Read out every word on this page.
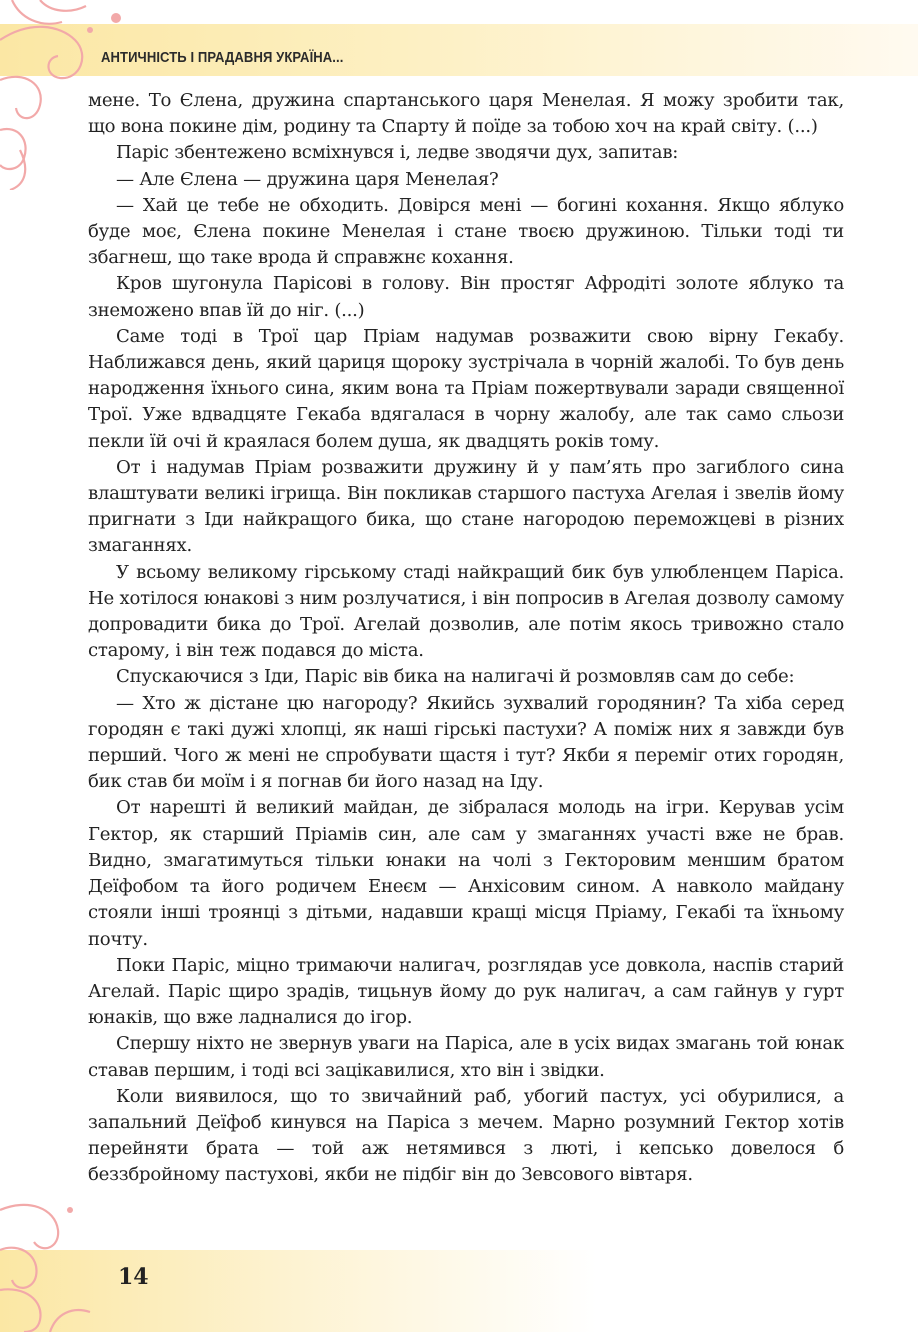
АНТИЧНІСТЬ І ПРАДАВНЯ УКРАЇНА...

мене. То Єлена, дружина спартанського царя Менелая. Я можу зробити так, що вона покине дім, родину та Спарту й поїде за тобою хоч на край світу. (...)

Паріс збентежено всміхнувся і, ледве зводячи дух, запитав:

— Але Єлена — дружина царя Менелая?

— Хай це тебе не обходить. Довірся мені — богині кохання. Якщо яблуко буде моє, Єлена покине Менелая і стане твоєю дружиною. Тільки тоді ти збагнеш, що таке врода й справжнє кохання.

Кров шугонула Парісові в голову. Він простяг Афродіті золоте яблуко та знеможено впав їй до ніг. (...)

Саме тоді в Трої цар Пріам надумав розважити свою вірну Гекабу. Наближався день, який цариця щороку зустрічала в чорній жалобі. То був день народження їхнього сина, яким вона та Пріам пожертвували заради священної Трої. Уже вдвадцяте Гекаба вдягалася в чорну жалобу, але так само сльози пекли їй очі й краялася болем душа, як двадцять років тому.

От і надумав Пріам розважити дружину й у пам’ять про загиблого сина влаштувати великі ігрища. Він покликав старшого пастуха Агелая і звелів йому пригнати з Іди найкращого бика, що стане нагородою переможцеві в різних змаганнях.

У всьому великому гірському стаді найкращий бик був улюбленцем Паріса. Не хотілося юнакові з ним розлучатися, і він попросив в Агелая дозволу самому допровадити бика до Трої. Агелай дозволив, але потім якось тривожно стало старому, і він теж подався до міста.

Спускаючися з Іди, Паріс вів бика на налигачі й розмовляв сам до себе:

— Хто ж дістане цю нагороду? Якийсь зухвалий городянин? Та хіба серед городян є такі дужі хлопці, як наші гірські пастухи? А поміж них я завжди був перший. Чого ж мені не спробувати щастя і тут? Якби я переміг отих городян, бик став би моїм і я погнав би його назад на Іду.

От нарешті й великий майдан, де зібралася молодь на ігри. Керував усім Гектор, як старший Пріамів син, але сам у змаганнях участі вже не брав. Видно, змагатимуться тільки юнаки на чолі з Гекторовим меншим братом Деїфобом та його родичем Енеєм — Анхісовим сином. А навколо майдану стояли інші троянці з дітьми, надавши кращі місця Пріаму, Гекабі та їхньому почту.

Поки Паріс, міцно тримаючи налигач, розглядав усе довкола, наспів старий Агелай. Паріс щиро зрадів, тицьнув йому до рук налигач, а сам гайнув у гурт юнаків, що вже ладналися до ігор.

Спершу ніхто не звернув уваги на Паріса, але в усіх видах змагань той юнак ставав першим, і тоді всі зацікавилися, хто він і звідки.

Коли виявилося, що то звичайний раб, убогий пастух, усі обурилися, а запальний Деїфоб кинувся на Паріса з мечем. Марно розумний Гектор хотів перейняти брата — той аж нетямився з люті, і кепсько довелося б беззбройному пастухові, якби не підбіг він до Зевсового вівтаря.

14
